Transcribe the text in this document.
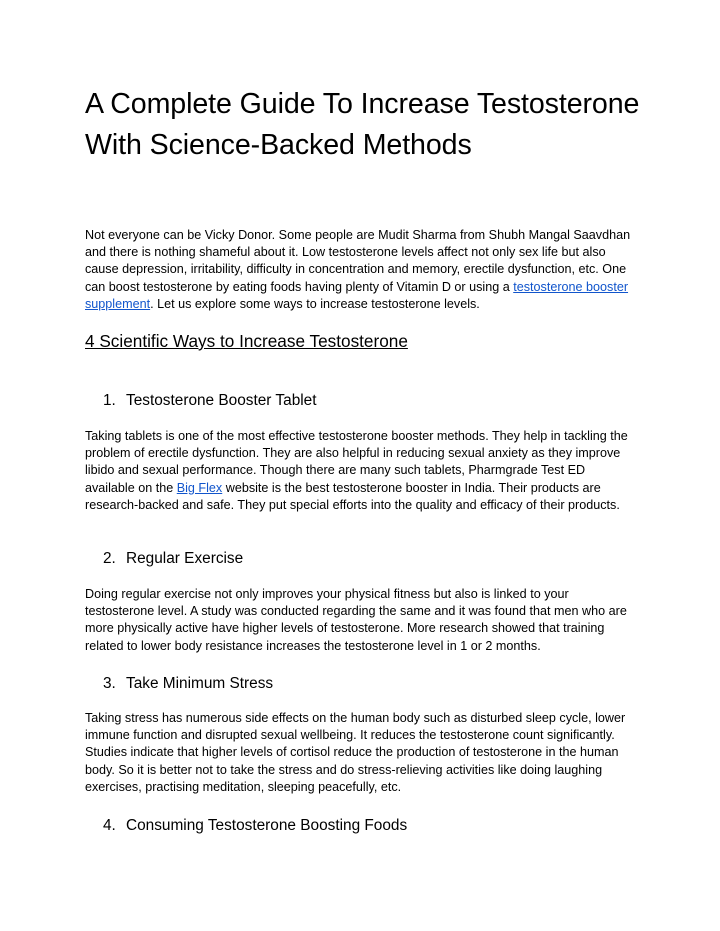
A Complete Guide To Increase Testosterone With Science-Backed Methods

Not everyone can be Vicky Donor. Some people are Mudit Sharma from Shubh Mangal Saavdhan and there is nothing shameful about it. Low testosterone levels affect not only sex life but also cause depression, irritability, difficulty in concentration and memory, erectile dysfunction, etc. One can boost testosterone by eating foods having plenty of Vitamin D or using a testosterone booster supplement. Let us explore some ways to increase testosterone levels.

4 Scientific Ways to Increase Testosterone
1. Testosterone Booster Tablet

Taking tablets is one of the most effective testosterone booster methods. They help in tackling the problem of erectile dysfunction. They are also helpful in reducing sexual anxiety as they improve libido and sexual performance. Though there are many such tablets, Pharmgrade Test ED available on the Big Flex website is the best testosterone booster in India. Their products are research-backed and safe. They put special efforts into the quality and efficacy of their products.

2. Regular Exercise

Doing regular exercise not only improves your physical fitness but also is linked to your testosterone level. A study was conducted regarding the same and it was found that men who are more physically active have higher levels of testosterone. More research showed that training related to lower body resistance increases the testosterone level in 1 or 2 months.

3. Take Minimum Stress

Taking stress has numerous side effects on the human body such as disturbed sleep cycle, lower immune function and disrupted sexual wellbeing. It reduces the testosterone count significantly. Studies indicate that higher levels of cortisol reduce the production of testosterone in the human body. So it is better not to take the stress and do stress-relieving activities like doing laughing exercises, practising meditation, sleeping peacefully, etc.

4. Consuming Testosterone Boosting Foods
